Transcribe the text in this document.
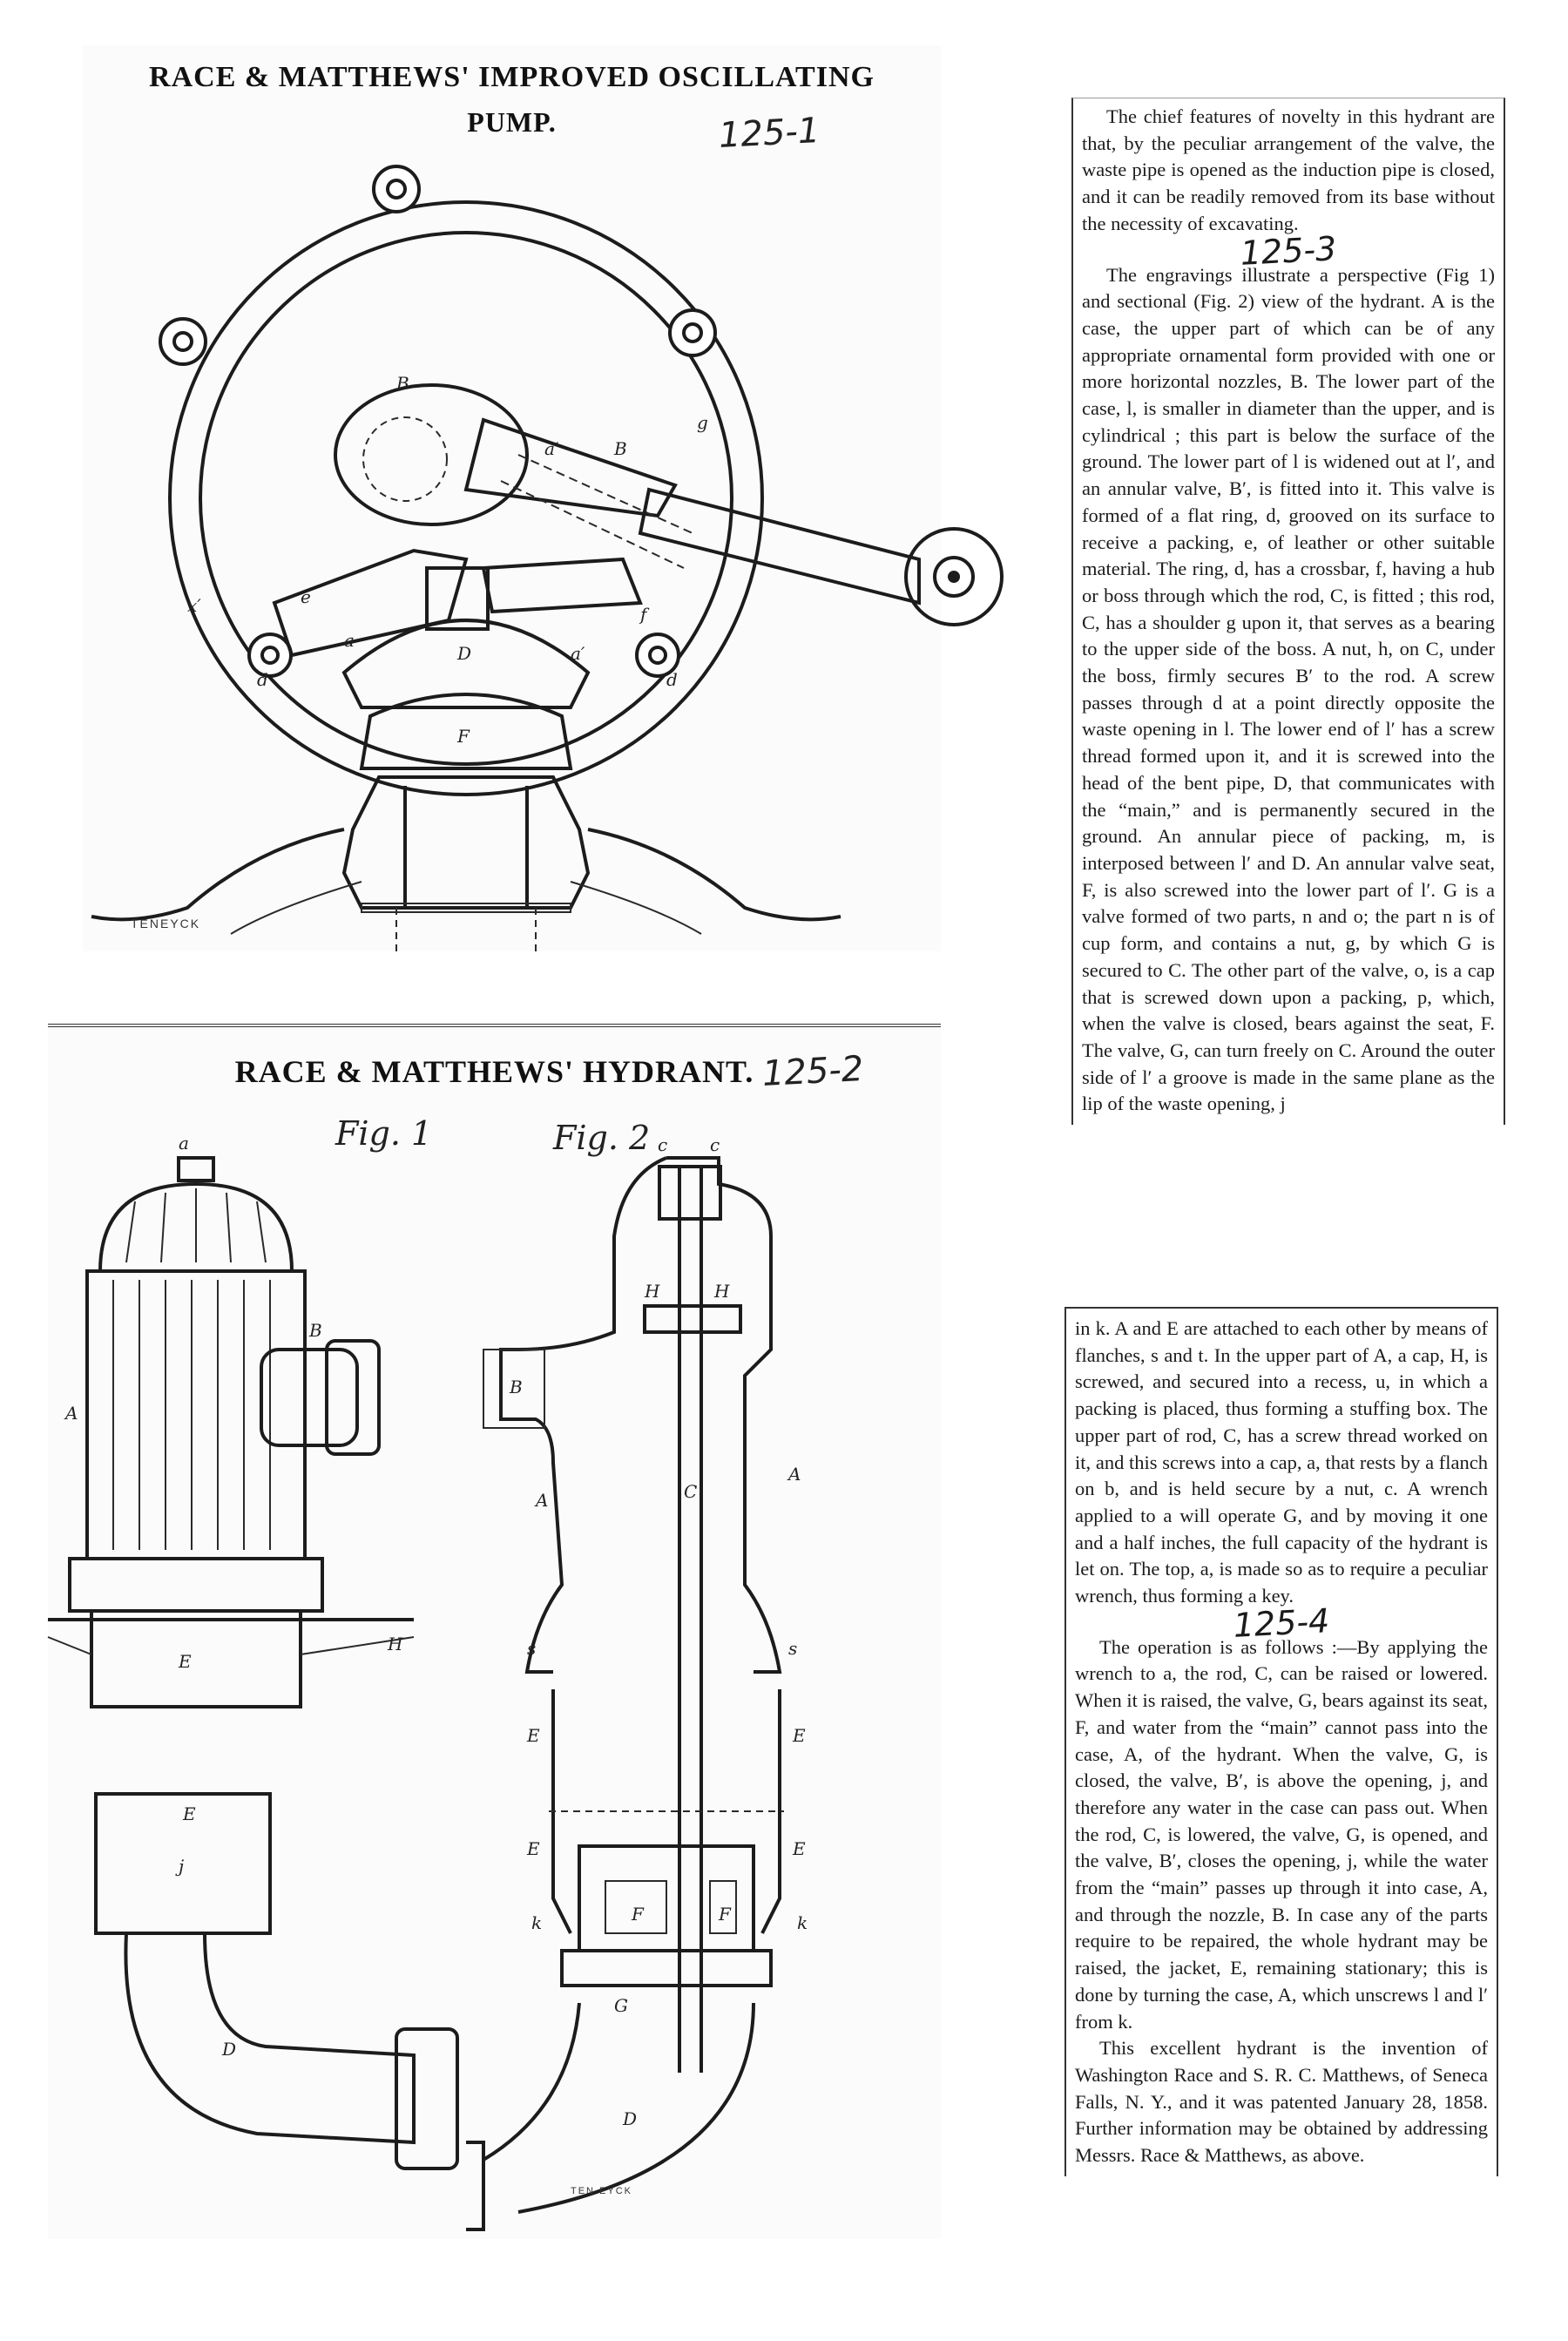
RACE & MATTHEWS' IMPROVED OSCILLATING
PUMP.	125-1
B
a′	B
g
x′	e
a
D	a′
f
F
d	d
TENEYCK
RACE & MATTHEWS' HYDRANT. 125-2
Fig. 1	Fig. 2
a
A
B
H
E
E
j
D
c c
H	H
B
A
A	C
s	s
E	E
E	E
F	F
k	k
G
D
TEN EYCK

The chief features of novelty in this hydrant are that, by the peculiar arrangement of the valve, the waste pipe is opened as the induction pipe is closed, and it can be readily removed from its base without the necessity of excavating.

125-3

The engravings illustrate a perspective (Fig 1) and sectional (Fig. 2) view of the hydrant. A is the case, the upper part of which can be of any appropriate ornamental form provided with one or more horizontal nozzles, B. The lower part of the case, l, is smaller in diameter than the upper, and is cylindrical ; this part is below the surface of the ground. The lower part of l is widened out at l′, and an annular valve, B′, is fitted into it. This valve is formed of a flat ring, d, grooved on its surface to receive a packing, e, of leather or other suitable material. The ring, d, has a crossbar, f, having a hub or boss through which the rod, C, is fitted ; this rod, C, has a shoulder g upon it, that serves as a bearing to the upper side of the boss. A nut, h, on C, under the boss, firmly secures B′ to the rod. A screw passes through d at a point directly opposite the waste opening in l. The lower end of l′ has a screw thread formed upon it, and it is screwed into the head of the bent pipe, D, that communicates with the “main,” and is permanently secured in the ground. An annular piece of packing, m, is interposed between l′ and D. An annular valve seat, F, is also screwed into the lower part of l′. G is a valve formed of two parts, n and o; the part n is of cup form, and contains a nut, g, by which G is secured to C. The other part of the valve, o, is a cap that is screwed down upon a packing, p, which, when the valve is closed, bears against the seat, F. The valve, G, can turn freely on C. Around the outer side of l′ a groove is made in the same plane as the lip of the waste opening, j

in k. A and E are attached to each other by means of flanches, s and t. In the upper part of A, a cap, H, is screwed, and secured into a recess, u, in which a packing is placed, thus forming a stuffing box. The upper part of rod, C, has a screw thread worked on it, and this screws into a cap, a, that rests by a flanch on b, and is held secure by a nut, c. A wrench applied to a will operate G, and by moving it one and a half inches, the full capacity of the hydrant is let on. The top, a, is made so as to require a peculiar wrench, thus forming a key.

125-4

The operation is as follows :—By applying the wrench to a, the rod, C, can be raised or lowered. When it is raised, the valve, G, bears against its seat, F, and water from the “main” cannot pass into the case, A, of the hydrant. When the valve, G, is closed, the valve, B′, is above the opening, j, and therefore any water in the case can pass out. When the rod, C, is lowered, the valve, G, is opened, and the valve, B′, closes the opening, j, while the water from the “main” passes up through it into case, A, and through the nozzle, B. In case any of the parts require to be repaired, the whole hydrant may be raised, the jacket, E, remaining stationary; this is done by turning the case, A, which unscrews l and l′ from k.

This excellent hydrant is the invention of Washington Race and S. R. C. Matthews, of Seneca Falls, N. Y., and it was patented January 28, 1858. Further information may be obtained by addressing Messrs. Race & Matthews, as above.
